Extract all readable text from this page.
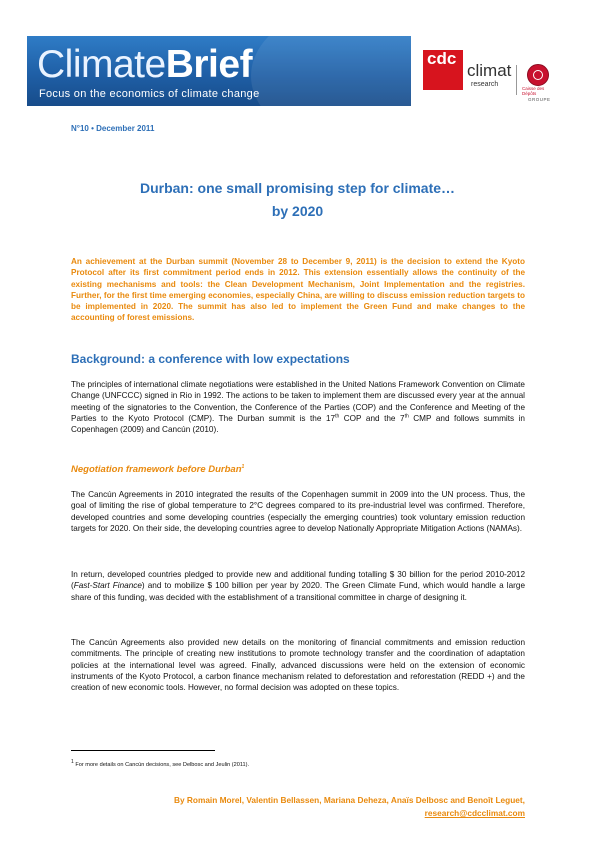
ClimateBrief
Focus on the economics of climate change
cdc
climat
research
Caisse des Dépôts
GROUPE
N°10 • December 2011
Durban: one small promising step for climate…
by 2020

An achievement at the Durban summit (November 28 to December 9, 2011) is the decision to extend the Kyoto Protocol after its first commitment period ends in 2012. This extension essentially allows the continuity of the existing mechanisms and tools: the Clean Development Mechanism, Joint Implementation and the registries. Further, for the first time emerging economies, especially China, are willing to discuss emission reduction targets to be implemented in 2020. The summit has also led to implement the Green Fund and make changes to the accounting of forest emissions.

Background: a conference with low expectations

The principles of international climate negotiations were established in the United Nations Framework Convention on Climate Change (UNFCCC) signed in Rio in 1992. The actions to be taken to implement them are discussed every year at the annual meeting of the signatories to the Convention, the Conference of the Parties (COP) and the Conference and Meeting of the Parties to the Kyoto Protocol (CMP). The Durban summit is the 17th COP and the 7th CMP and follows summits in Copenhagen (2009) and Cancún (2010).

Negotiation framework before Durban$^1$

The Cancún Agreements in 2010 integrated the results of the Copenhagen summit in 2009 into the UN process. Thus, the goal of limiting the rise of global temperature to 2°C degrees compared to its pre-industrial level was confirmed. Therefore, developed countries and some developing countries (especially the emerging countries) took voluntary emission reduction targets for 2020. On their side, the developing countries agree to develop Nationally Appropriate Mitigation Actions (NAMAs).

In return, developed countries pledged to provide new and additional funding totalling $ 30 billion for the period 2010-2012 (Fast-Start Finance) and to mobilize $ 100 billion per year by 2020. The Green Climate Fund, which would handle a large share of this funding, was decided with the establishment of a transitional committee in charge of designing it.

The Cancún Agreements also provided new details on the monitoring of financial commitments and emission reduction commitments. The principle of creating new institutions to promote technology transfer and the coordination of adaptation policies at the international level was agreed. Finally, advanced discussions were held on the extension of economic instruments of the Kyoto Protocol, a carbon finance mechanism related to deforestation and reforestation (REDD +) and the creation of new economic tools. However, no formal decision was adopted on these topics.

$^1$ For more details on Cancún decisions, see Delbosc and Jeulin (2011).

By Romain Morel, Valentin Bellassen, Mariana Deheza, Anaïs Delbosc and Benoît Leguet,
research@cdcclimat.com
